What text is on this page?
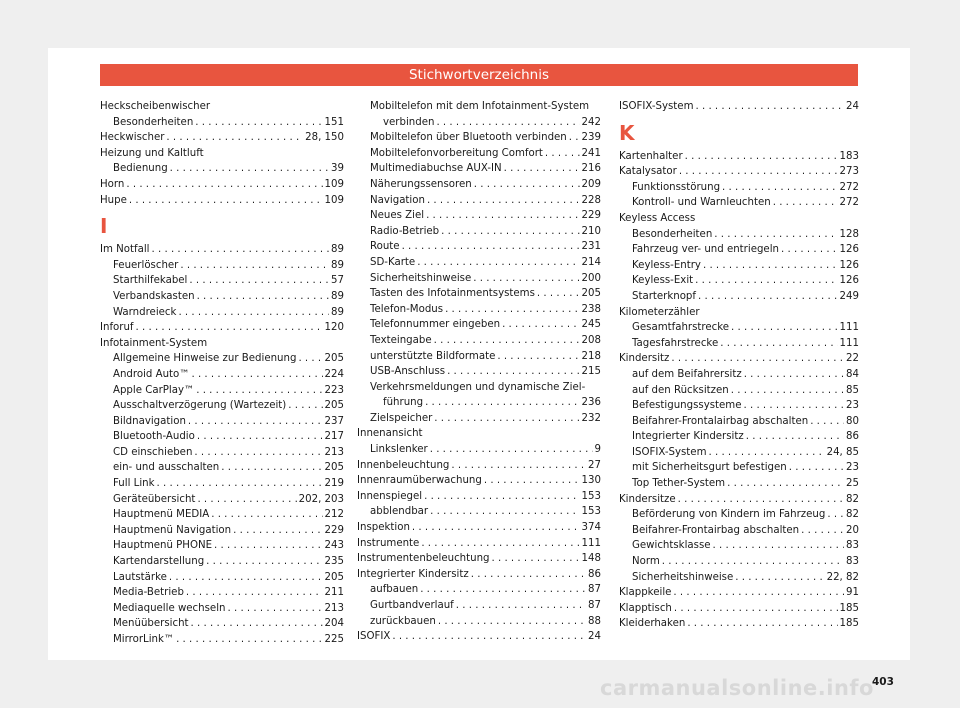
Stichwortverzeichnis
Heckscheibenwischer
Besonderheiten . . .	151
Heckwischer . . .	28, 150
Heizung und Kaltluft
Bedienung . . .	39
Horn . . .	109
Hupe . . .	109
I
Im Notfall . . .	89
Feuerlöscher . . .	89
Starthilfekabel . . .	57
Verbandskasten . . .	89
Warndreieck . . .	89
Inforuf . . .	120
Infotainment-System
Allgemeine Hinweise zur Bedienung . . .	205
Android Auto™ . . .	224
Apple CarPlay™ . . .	223
Ausschaltverzögerung (Wartezeit) . . .	205
Bildnavigation . . .	237
Bluetooth-Audio . . .	217
CD einschieben . . .	213
ein- und ausschalten . . .	205
Full Link . . .	219
Geräteübersicht . . .	202, 203
Hauptmenü MEDIA . . .	212
Hauptmenü Navigation . . .	229
Hauptmenü PHONE . . .	243
Kartendarstellung . . .	235
Lautstärke . . .	205
Media-Betrieb . . .	211
Mediaquelle wechseln . . .	213
Menüübersicht . . .	204
MirrorLink™ . . .	225
Mobiltelefon mit dem Infotainment-System
verbinden . . .	242
Mobiltelefon über Bluetooth verbinden . . . 239
Mobiltelefonvorbereitung Comfort . . .	241
Multimediabuchse AUX-IN . . .	216
Näherungssensoren . . .	209
Navigation . . .	228
Neues Ziel . . .	229
Radio-Betrieb . . .	210
Route . . .	231
SD-Karte . . .	214
Sicherheitshinweise . . .	200
Tasten des Infotainmentsystems . . .	205
Telefon-Modus . . .	238
Telefonnummer eingeben . . .	245
Texteingabe . . .	208
unterstützte Bildformate . . .	218
USB-Anschluss . . .	215
Verkehrsmeldungen und dynamische Ziel-
führung . . .	236
Zielspeicher . . .	232
Innenansicht
Linkslenker . . .	9
Innenbeleuchtung . . .	27
Innenraumüberwachung . . .	130
Innenspiegel . . .	153
abblendbar . . .	153
Inspektion . . .	374
Instrumente . . .	111
Instrumentenbeleuchtung . . .	148
Integrierter Kindersitz . . .	86
aufbauen . . .	87
Gurtbandverlauf . . .	87
zurückbauen . . .	88
ISOFIX . . .	24
ISOFIX-System . . .	24
K
Kartenhalter . . .	183
Katalysator . . .	273
Funktionsstörung . . .	272
Kontroll- und Warnleuchten . . .	272
Keyless Access
Besonderheiten . . .	128
Fahrzeug ver- und entriegeln . . .	126
Keyless-Entry . . .	126
Keyless-Exit . . .	126
Starterknopf . . .	249
Kilometerzähler
Gesamtfahrstrecke . . .	111
Tagesfahrstrecke . . .	111
Kindersitz . . .	22
auf dem Beifahrersitz . . .	84
auf den Rücksitzen . . .	85
Befestigungssysteme . . .	23
Beifahrer-Frontalairbag abschalten . . .	80
Integrierter Kindersitz . . .	86
ISOFIX-System . . .	24, 85
mit Sicherheitsgurt befestigen . . .	23
Top Tether-System . . .	25
Kindersitze . . .	82
Beförderung von Kindern im Fahrzeug . . . 82
Beifahrer-Frontairbag abschalten . . .	20
Gewichtsklasse . . .	83
Norm . . .	83
Sicherheitshinweise . . .	22, 82
Klappkeile . . .	91
Klapptisch . . .	185
Kleiderhaken . . .	185
403
carmanualsonline.info
